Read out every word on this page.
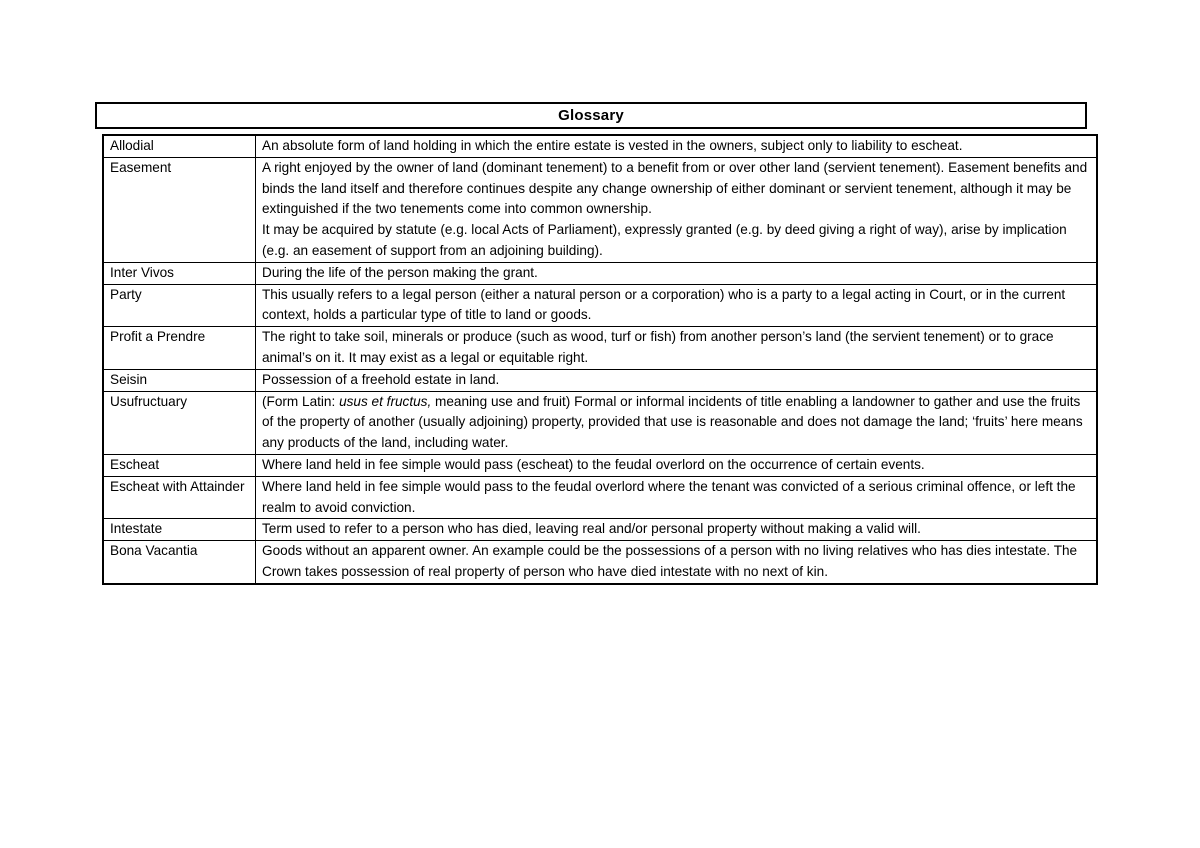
Glossary
Allodial	An absolute form of land holding in which the entire estate is vested in the owners, subject only to liability to escheat.
Easement	A right enjoyed by the owner of land (dominant tenement) to a benefit from or over other land (servient tenement). Easement benefits and binds the land itself and therefore continues despite any change ownership of either dominant or servient tenement, although it may be extinguished if the two tenements come into common ownership.
It may be acquired by statute (e.g. local Acts of Parliament), expressly granted (e.g. by deed giving a right of way), arise by implication (e.g. an easement of support from an adjoining building).
Inter Vivos	During the life of the person making the grant.
Party	This usually refers to a legal person (either a natural person or a corporation) who is a party to a legal acting in Court, or in the current context, holds a particular type of title to land or goods.
Profit a Prendre	The right to take soil, minerals or produce (such as wood, turf or fish) from another person’s land (the servient tenement) or to grace animal’s on it. It may exist as a legal or equitable right.
Seisin	Possession of a freehold estate in land.
Usufructuary	(Form Latin: usus et fructus, meaning use and fruit) Formal or informal incidents of title enabling a landowner to gather and use the fruits of the property of another (usually adjoining) property, provided that use is reasonable and does not damage the land; ‘fruits’ here means any products of the land, including water.
Escheat	Where land held in fee simple would pass (escheat) to the feudal overlord on the occurrence of certain events.
Escheat with Attainder	Where land held in fee simple would pass to the feudal overlord where the tenant was convicted of a serious criminal offence, or left the realm to avoid conviction.
Intestate	Term used to refer to a person who has died, leaving real and/or personal property without making a valid will.
Bona Vacantia	Goods without an apparent owner. An example could be the possessions of a person with no living relatives who has dies intestate. The Crown takes possession of real property of person who have died intestate with no next of kin.
